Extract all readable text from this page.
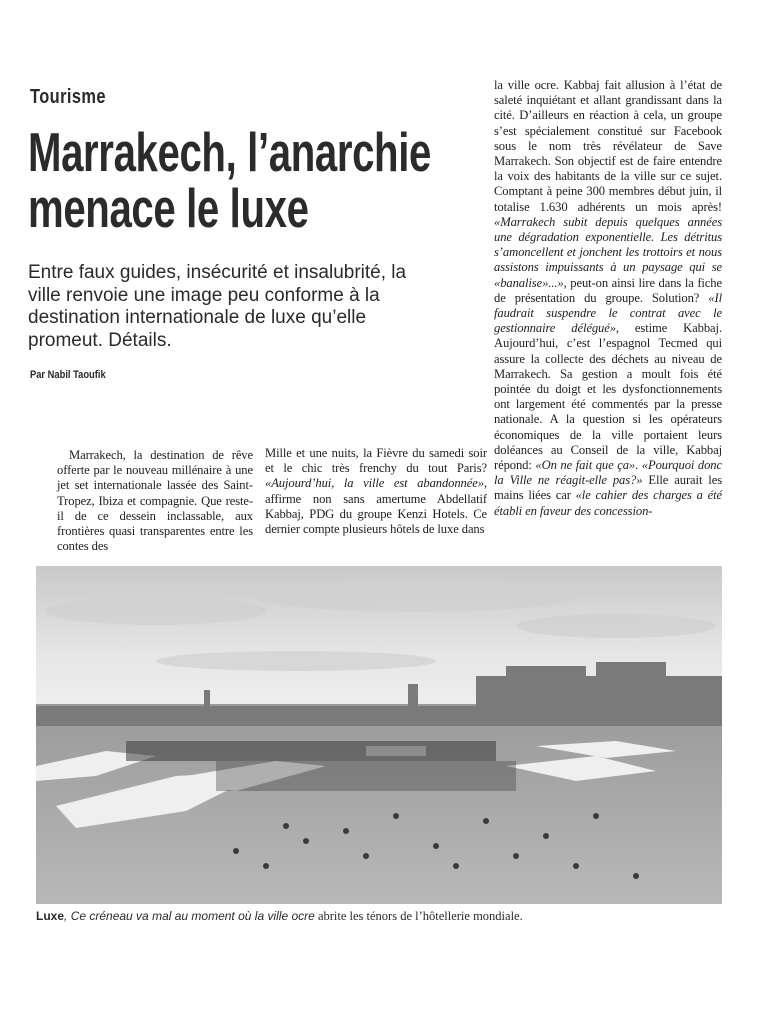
Tourisme
Marrakech, l’anarchie
menace le luxe
Entre faux guides, insécurité et insalubrité, la ville renvoie une image peu conforme à la destination internationale de luxe qu’elle promeut. Détails.
Par Nabil Taoufik

Marrakech, la destination de rêve offerte par le nouveau millénaire à une jet set internationale lassée des Saint-Tropez, Ibiza et compagnie. Que reste-il de ce dessein inclassable, aux frontières quasi transparentes entre les contes des

Mille et une nuits, la Fièvre du samedi soir et le chic très frenchy du tout Paris? «Aujourd’hui, la ville est abandonnée», affirme non sans amertume Abdellatif Kabbaj, PDG du groupe Kenzi Hotels. Ce dernier compte plusieurs hôtels de luxe dans

la ville ocre. Kabbaj fait allusion à l’état de saleté inquiétant et allant grandissant dans la cité. D’ailleurs en réaction à cela, un groupe s’est spécialement constitué sur Facebook sous le nom très révélateur de Save Marrakech. Son objectif est de faire entendre la voix des habitants de la ville sur ce sujet. Comptant à peine 300 membres début juin, il totalise 1.630 adhérents un mois après! «Marrakech subit depuis quelques années une dégradation exponentielle. Les détritus s’amoncellent et jonchent les trottoirs et nous assistons impuissants à un paysage qui se «banalise»...», peut-on ainsi lire dans la fiche de présentation du groupe. Solution? «Il faudrait suspendre le contrat avec le gestionnaire délégué», estime Kabbaj. Aujourd’hui, c’est l’espagnol Tecmed qui assure la collecte des déchets au niveau de Marrakech. Sa gestion a moult fois été pointée du doigt et les dysfonctionnements ont largement été commentés par la presse nationale. A la question si les opérateurs économiques de la ville portaient leurs doléances au Conseil de la ville, Kabbaj répond: «On ne fait que ça». «Pourquoi donc la Ville ne réagit-elle pas?» Elle aurait les mains liées car «le cahier des charges a été établi en faveur des concession-

Luxe, Ce créneau va mal au moment où la ville ocre abrite les ténors de l’hôtellerie mondiale.
